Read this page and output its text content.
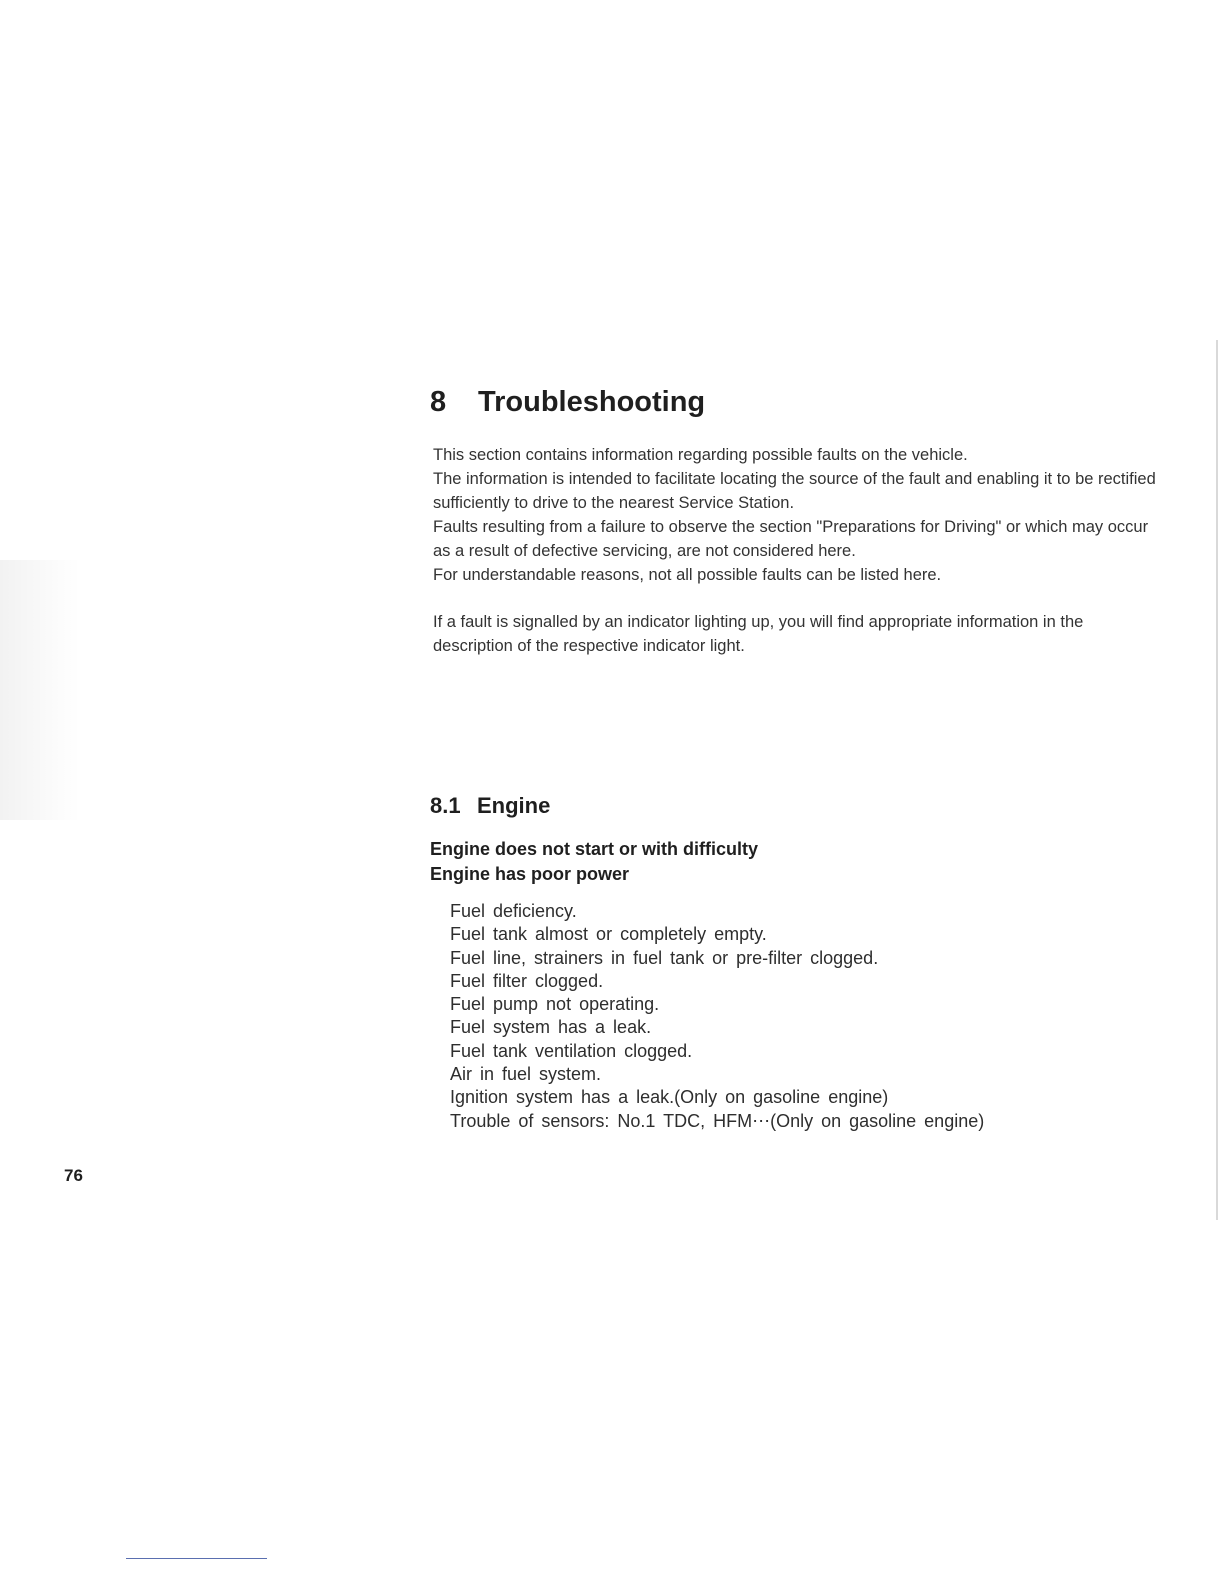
8 Troubleshooting

This section contains information regarding possible faults on the vehicle.

The information is intended to facilitate locating the source of the fault and enabling it to be rectified sufficiently to drive to the nearest Service Station.

Faults resulting from a failure to observe the section "Preparations for Driving" or which may occur as a result of defective servicing, are not considered here.

For understandable reasons, not all possible faults can be listed here.

If a fault is signalled by an indicator lighting up, you will find appropriate information in the description of the respective indicator light.

8.1 Engine
Engine does not start or with difficulty
Engine has poor power
Fuel deficiency.
Fuel tank almost or completely empty.
Fuel line, strainers in fuel tank or pre-filter clogged.
Fuel filter clogged.
Fuel pump not operating.
Fuel system has a leak.
Fuel tank ventilation clogged.
Air in fuel system.
Ignition system has a leak.(Only on gasoline engine)
Trouble of sensors: No.1 TDC, HFM⋯(Only on gasoline engine)
76
